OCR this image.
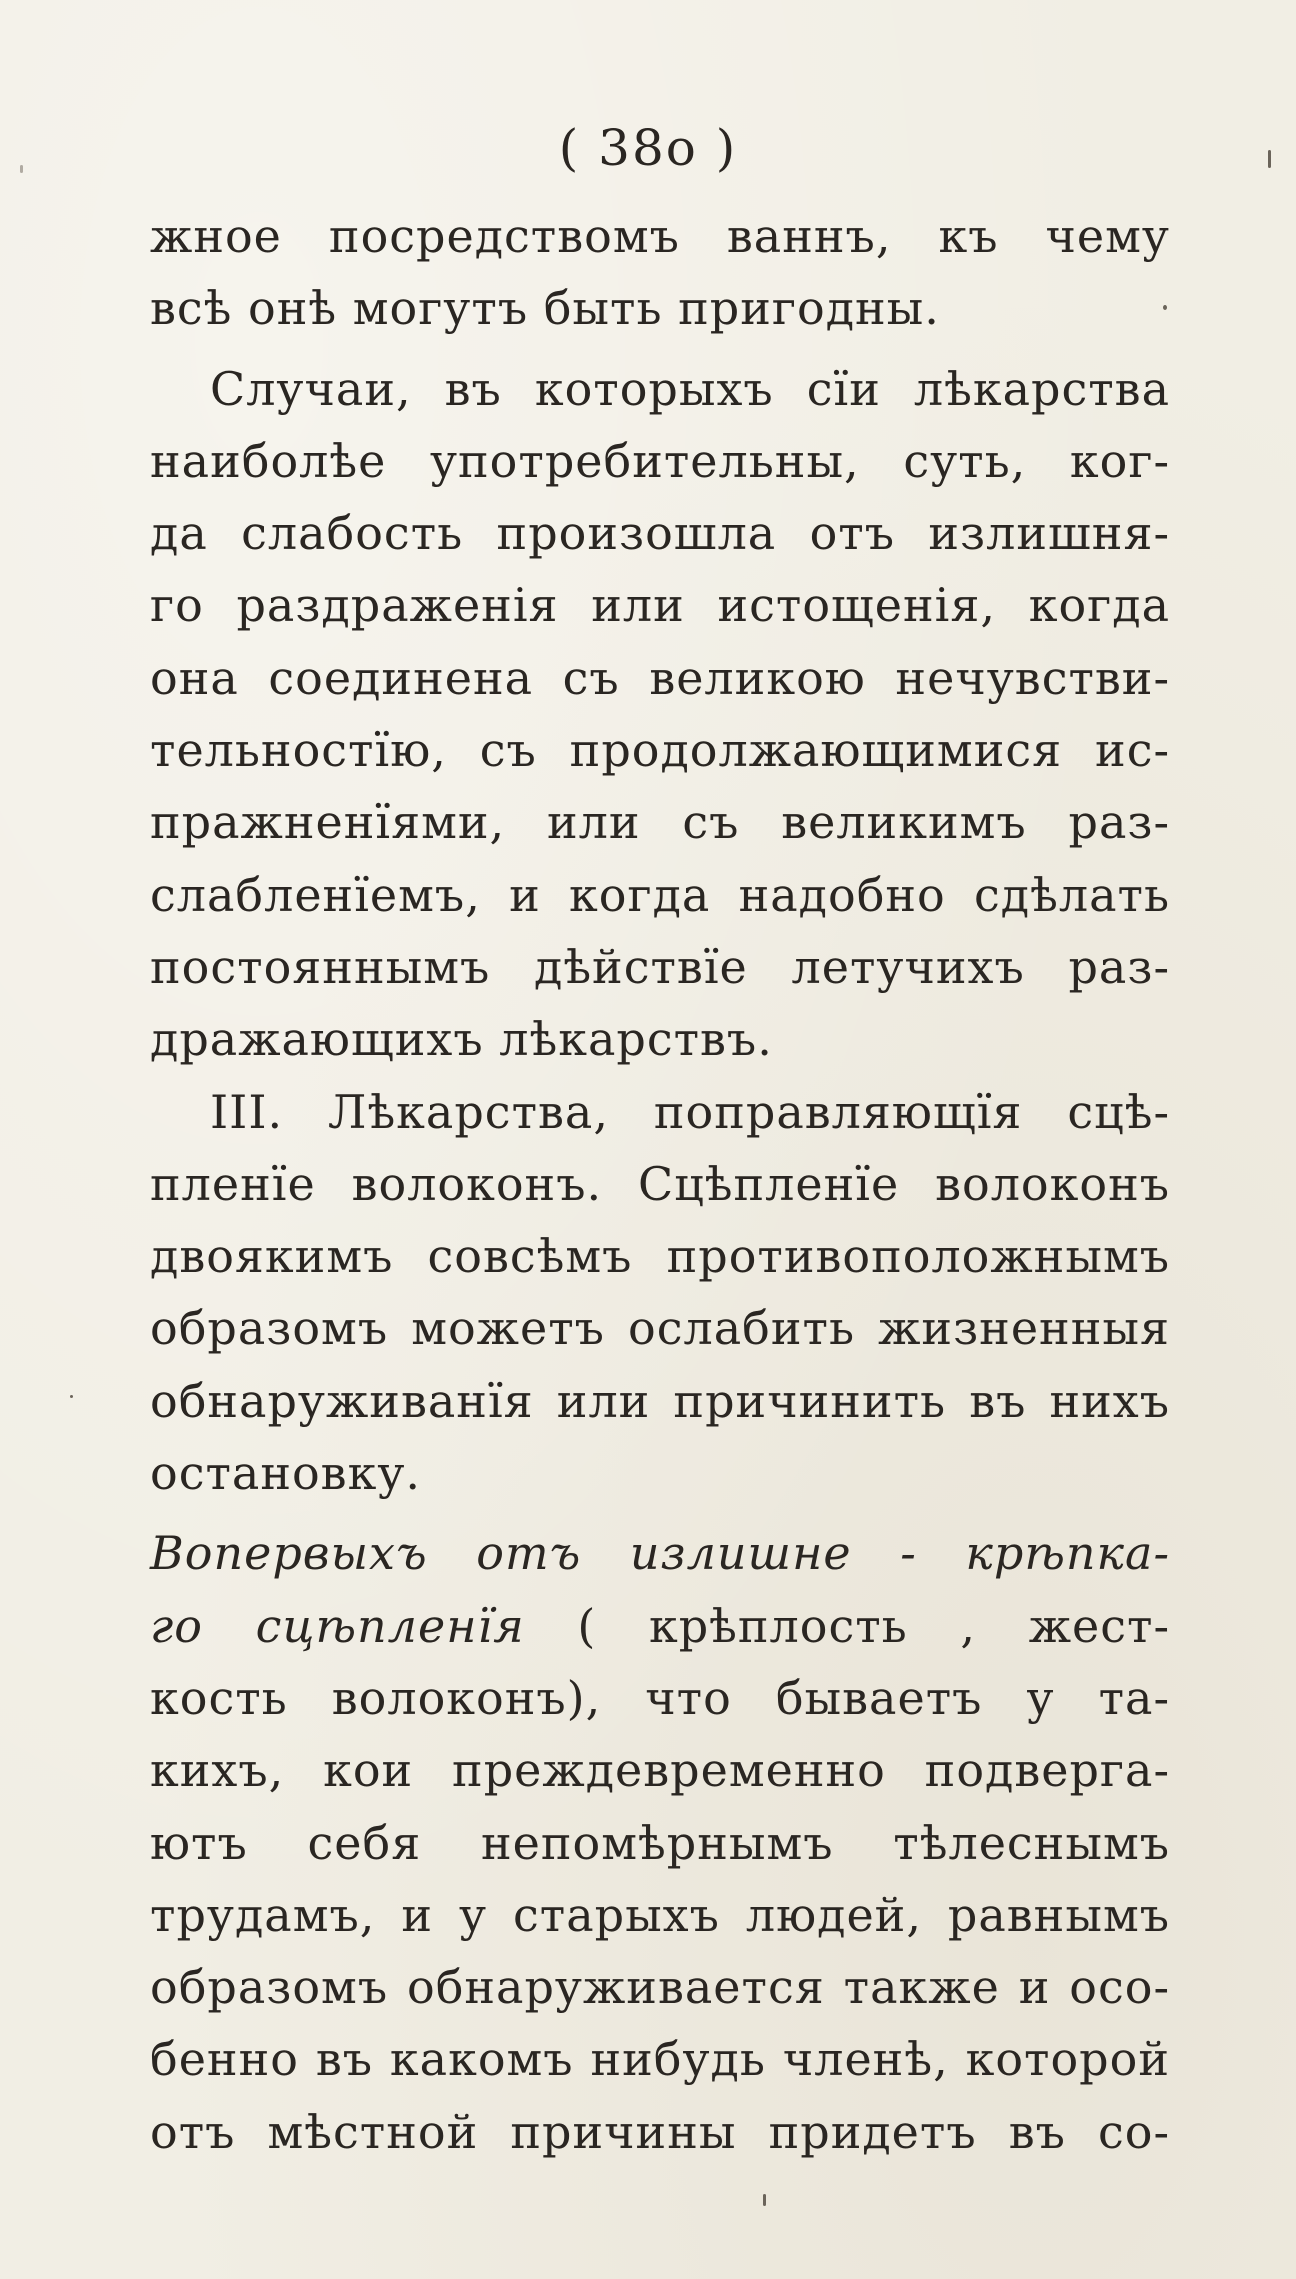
( 38o )
жное посредствомъ ваннъ, къ чему
всѣ онѣ могутъ быть пригодны.
Случаи, въ которыхъ сїи лѣкарства
наиболѣе употребительны, суть, ког-
да слабость произошла отъ излишня-
го раздраженія или истощенія, когда
она соединена съ великою нечувстви-
тельностїю, съ продолжающимися ис-
пражненїями, или съ великимъ раз-
слабленїемъ, и когда надобно сдѣлать
постояннымъ дѣйствїе летучихъ раз-
дражающихъ лѣкарствъ.
III. Лѣкарства, поправляющїя сцѣ-
пленїе волоконъ. Сцѣпленїе волоконъ
двоякимъ совсѣмъ противоположнымъ
образомъ можетъ ослабить жизненныя
обнаруживанїя или причинить въ нихъ
остановку.
Вопервыхъ отъ излишне - крѣпка-
го сцѣпленїя ( крѣплость , жест-
кость волоконъ), что бываетъ у та-
кихъ, кои преждевременно подверга-
ютъ себя непомѣрнымъ тѣлеснымъ
трудамъ, и у старыхъ людей, равнымъ
образомъ обнаруживается также и осо-
бенно въ какомъ нибудь членѣ, которой
отъ мѣстной причины придетъ въ со-
